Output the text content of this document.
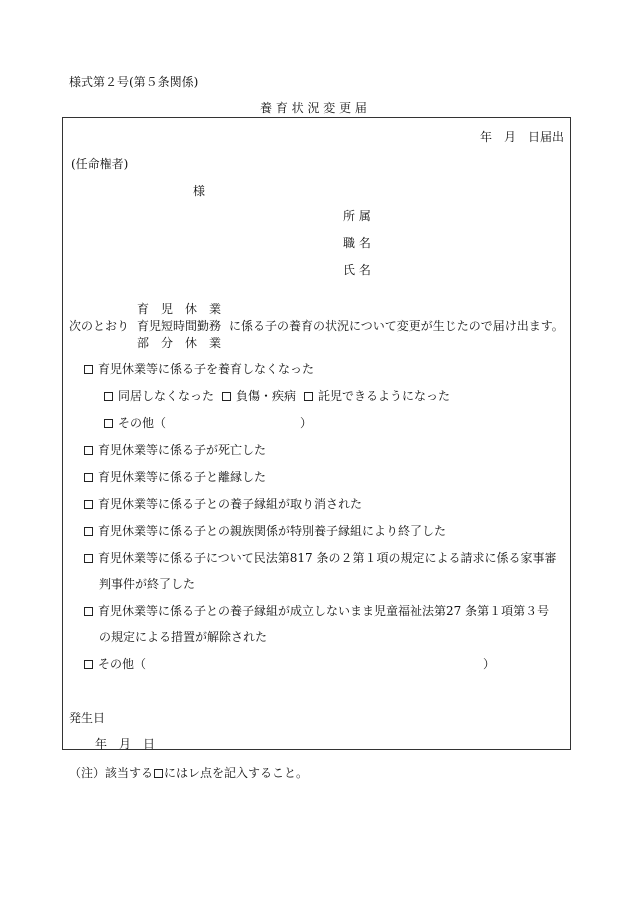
様式第２号(第５条関係)
養 育 状 況 変 更 届
年　月　日届出
(任命権者)
様
所 属
職 名
氏 名
育　児　休　業
次のとおり 育児短時間勤務 に係る子の養育の状況について変更が生じたので届け出ます。
部　分　休　業
育児休業等に係る子を養育しなくなった
同居しなくなった 負傷・疾病 託児できるようになった
その他（	）
育児休業等に係る子が死亡した
育児休業等に係る子と離縁した
育児休業等に係る子との養子縁組が取り消された
育児休業等に係る子との親族関係が特別養子縁組により終了した
育児休業等に係る子について民法第817 条の２第１項の規定による請求に係る家事審
判事件が終了した
育児休業等に係る子との養子縁組が成立しないまま児童福祉法第27 条第１項第３号
の規定による措置が解除された
その他（	）
発生日
年　月　日
（注）該当する にはレ点を記入すること。
